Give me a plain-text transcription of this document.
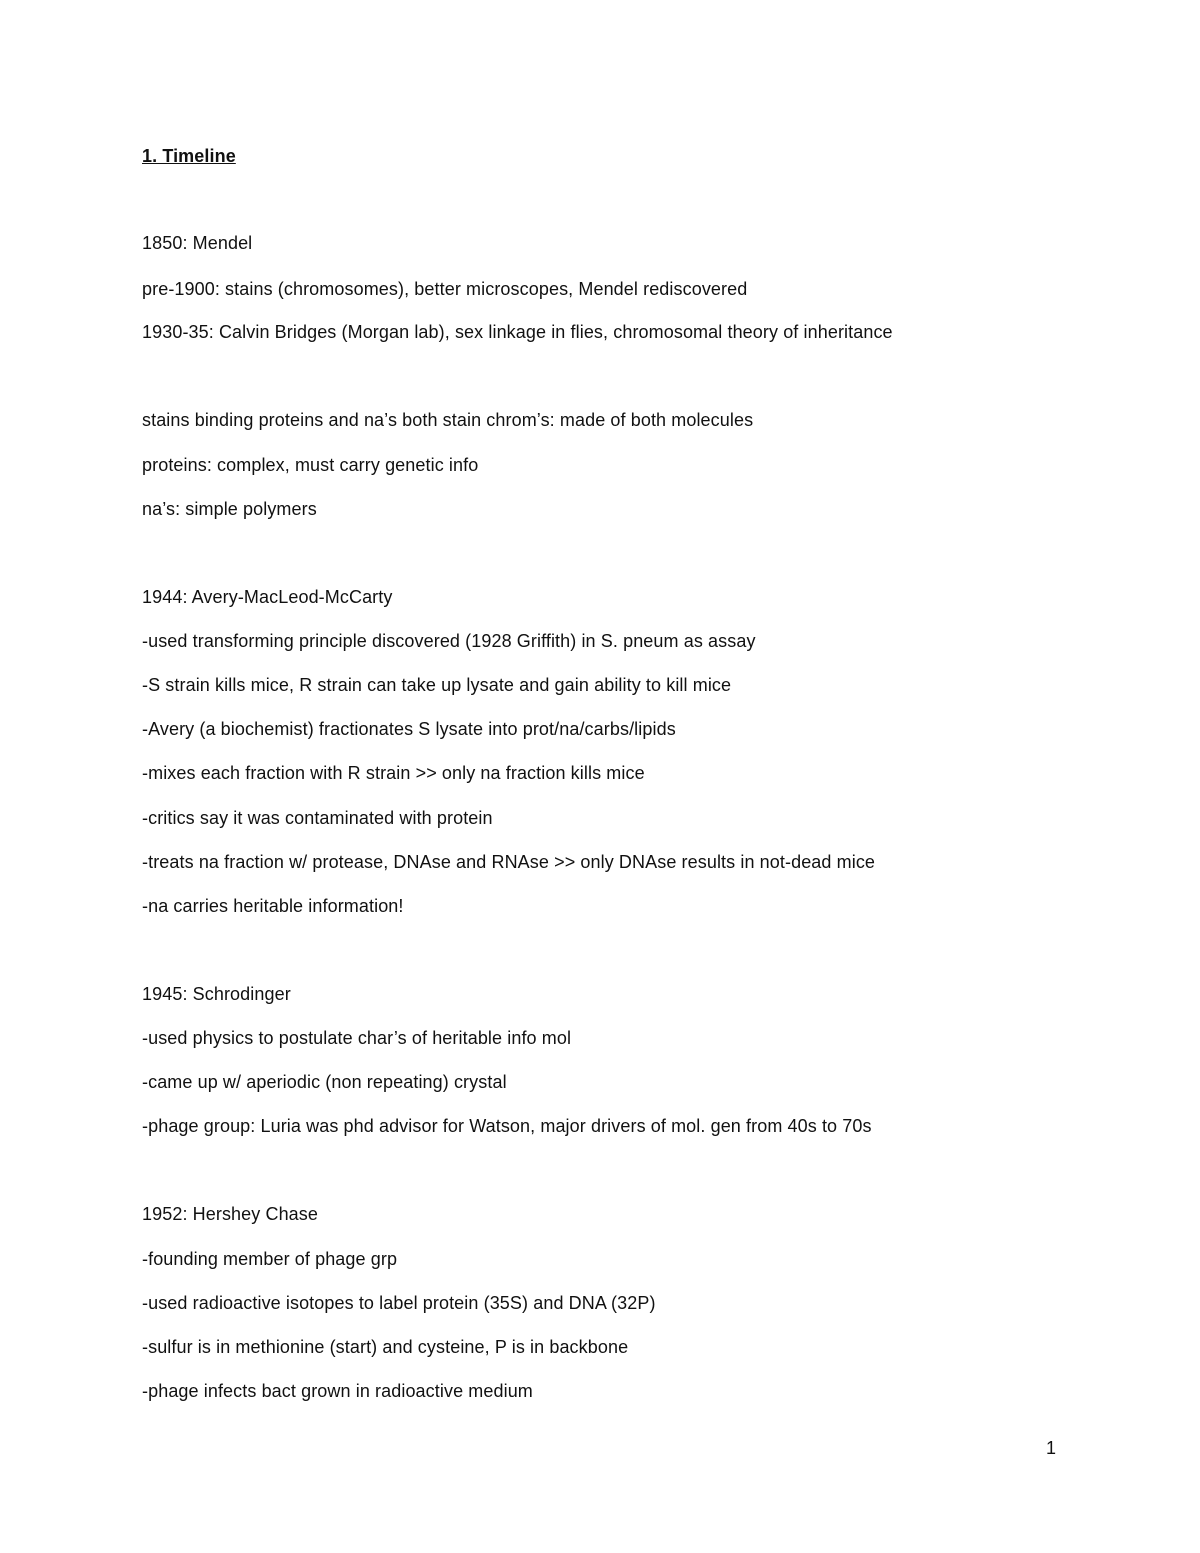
1. Timeline
1850: Mendel
pre-1900: stains (chromosomes), better microscopes, Mendel rediscovered
1930-35: Calvin Bridges (Morgan lab), sex linkage in flies, chromosomal theory of inheritance
stains binding proteins and na’s both stain chrom’s: made of both molecules
proteins: complex, must carry genetic info
na’s: simple polymers
1944: Avery-MacLeod-McCarty
-used transforming principle discovered (1928 Griffith) in S. pneum as assay
-S strain kills mice, R strain can take up lysate and gain ability to kill mice
-Avery (a biochemist) fractionates S lysate into prot/na/carbs/lipids
-mixes each fraction with R strain >> only na fraction kills mice
-critics say it was contaminated with protein
-treats na fraction w/ protease, DNAse and RNAse >> only DNAse results in not-dead mice
-na carries heritable information!
1945: Schrodinger
-used physics to postulate char’s of heritable info mol
-came up w/ aperiodic (non repeating) crystal
-phage group: Luria was phd advisor for Watson, major drivers of mol. gen from 40s to 70s
1952: Hershey Chase
-founding member of phage grp
-used radioactive isotopes to label protein (35S) and DNA (32P)
-sulfur is in methionine (start) and cysteine, P is in backbone
-phage infects bact grown in radioactive medium
1
